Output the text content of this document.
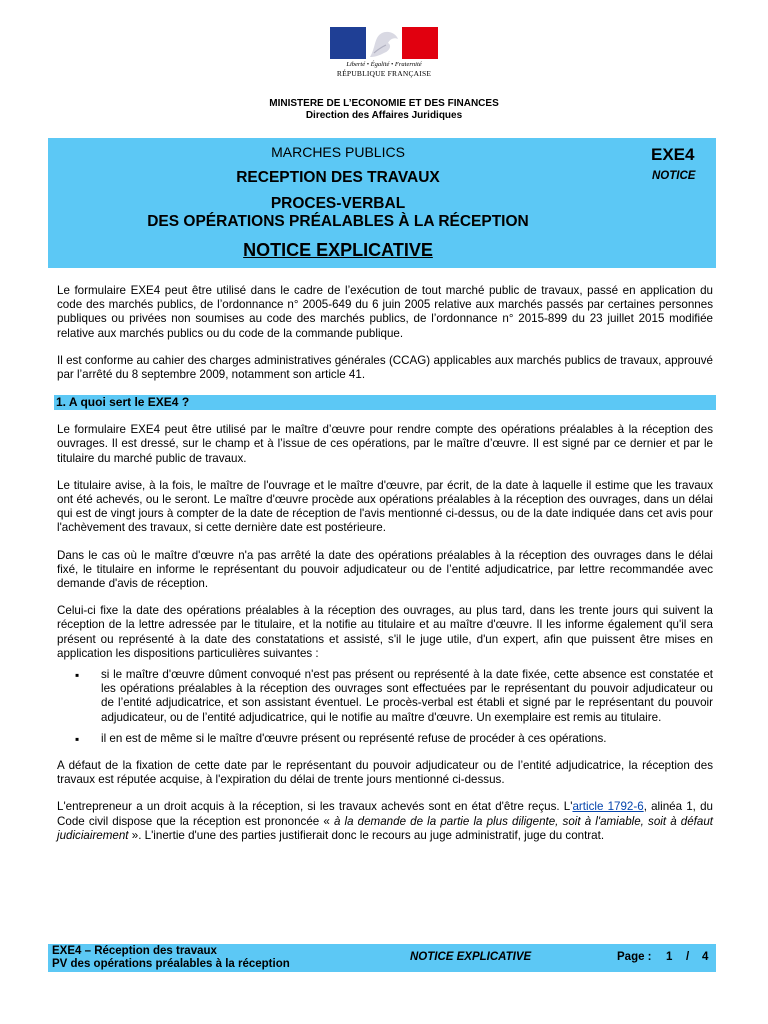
Liberté • Égalité • Fraternité
RÉPUBLIQUE FRANÇAISE
MINISTERE DE L’ECONOMIE ET DES FINANCES
Direction des Affaires Juridiques
MARCHES PUBLICS
RECEPTION DES TRAVAUX
PROCES-VERBAL
DES OPÉRATIONS PRÉALABLES À LA RÉCEPTION
NOTICE EXPLICATIVE
EXE4
NOTICE

Le formulaire EXE4 peut être utilisé dans le cadre de l’exécution de tout marché public de travaux, passé en application du code des marchés publics, de l’ordonnance n° 2005-649 du 6 juin 2005 relative aux marchés passés par certaines personnes publiques ou privées non soumises au code des marchés publics, de l’ordonnance n° 2015-899 du 23 juillet 2015 modifiée relative aux marchés publics ou du code de la commande publique.

Il est conforme au cahier des charges administratives générales (CCAG) applicables aux marchés publics de travaux, approuvé par l’arrêté du 8 septembre 2009, notamment son article 41.

1. A quoi sert le EXE4 ?

Le formulaire EXE4 peut être utilisé par le maître d’œuvre pour rendre compte des opérations préalables à la réception des ouvrages. Il est dressé, sur le champ et à l’issue de ces opérations, par le maître d’œuvre. Il est signé par ce dernier et par le titulaire du marché public de travaux.

Le titulaire avise, à la fois, le maître de l'ouvrage et le maître d'œuvre, par écrit, de la date à laquelle il estime que les travaux ont été achevés, ou le seront. Le maître d'œuvre procède aux opérations préalables à la réception des ouvrages, dans un délai qui est de vingt jours à compter de la date de réception de l'avis mentionné ci-dessus, ou de la date indiquée dans cet avis pour l'achèvement des travaux, si cette dernière date est postérieure.

Dans le cas où le maître d'œuvre n'a pas arrêté la date des opérations préalables à la réception des ouvrages dans le délai fixé, le titulaire en informe le représentant du pouvoir adjudicateur ou de l’entité adjudicatrice, par lettre recommandée avec demande d'avis de réception.

Celui-ci fixe la date des opérations préalables à la réception des ouvrages, au plus tard, dans les trente jours qui suivent la réception de la lettre adressée par le titulaire, et la notifie au titulaire et au maître d'œuvre. Il les informe également qu'il sera présent ou représenté à la date des constatations et assisté, s'il le juge utile, d'un expert, afin que puissent être mises en application les dispositions particulières suivantes :

▪ si le maître d'œuvre dûment convoqué n'est pas présent ou représenté à la date fixée, cette absence est constatée et les opérations préalables à la réception des ouvrages sont effectuées par le représentant du pouvoir adjudicateur ou de l’entité adjudicatrice, et son assistant éventuel. Le procès-verbal est établi et signé par le représentant du pouvoir adjudicateur, ou de l’entité adjudicatrice, qui le notifie au maître d'œuvre. Un exemplaire est remis au titulaire.
▪ il en est de même si le maître d'œuvre présent ou représenté refuse de procéder à ces opérations.

A défaut de la fixation de cette date par le représentant du pouvoir adjudicateur ou de l’entité adjudicatrice, la réception des travaux est réputée acquise, à l'expiration du délai de trente jours mentionné ci-dessus.

L'entrepreneur a un droit acquis à la réception, si les travaux achevés sont en état d'être reçus. L'article 1792-6, alinéa 1, du Code civil dispose que la réception est prononcée « à la demande de la partie la plus diligente, soit à l'amiable, soit à défaut judiciairement ». L'inertie d'une des parties justifierait donc le recours au juge administratif, juge du contrat.

EXE4 – Réception des travaux
PV des opérations préalables à la réception
NOTICE EXPLICATIVE	Page : 1 / 4
